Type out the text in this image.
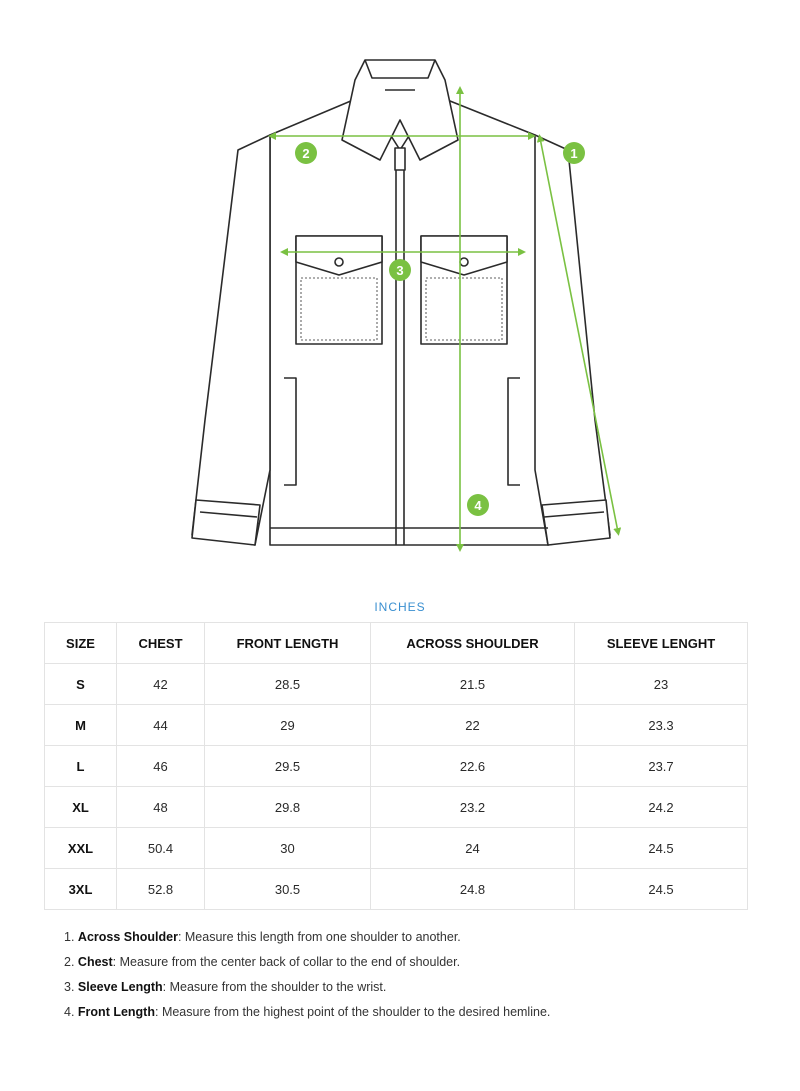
1
2
3
4
INCHES
SIZE	CHEST	FRONT LENGTH	ACROSS SHOULDER	SLEEVE LENGHT
S	42	28.5	21.5	23
M	44	29	22	23.3
L	46	29.5	22.6	23.7
XL	48	29.8	23.2	24.2
XXL	50.4	30	24	24.5
3XL	52.8	30.5	24.8	24.5
1. Across Shoulder: Measure this length from one shoulder to another.
2. Chest: Measure from the center back of collar to the end of shoulder.
3. Sleeve Length: Measure from the shoulder to the wrist.
4. Front Length: Measure from the highest point of the shoulder to the desired hemline.
